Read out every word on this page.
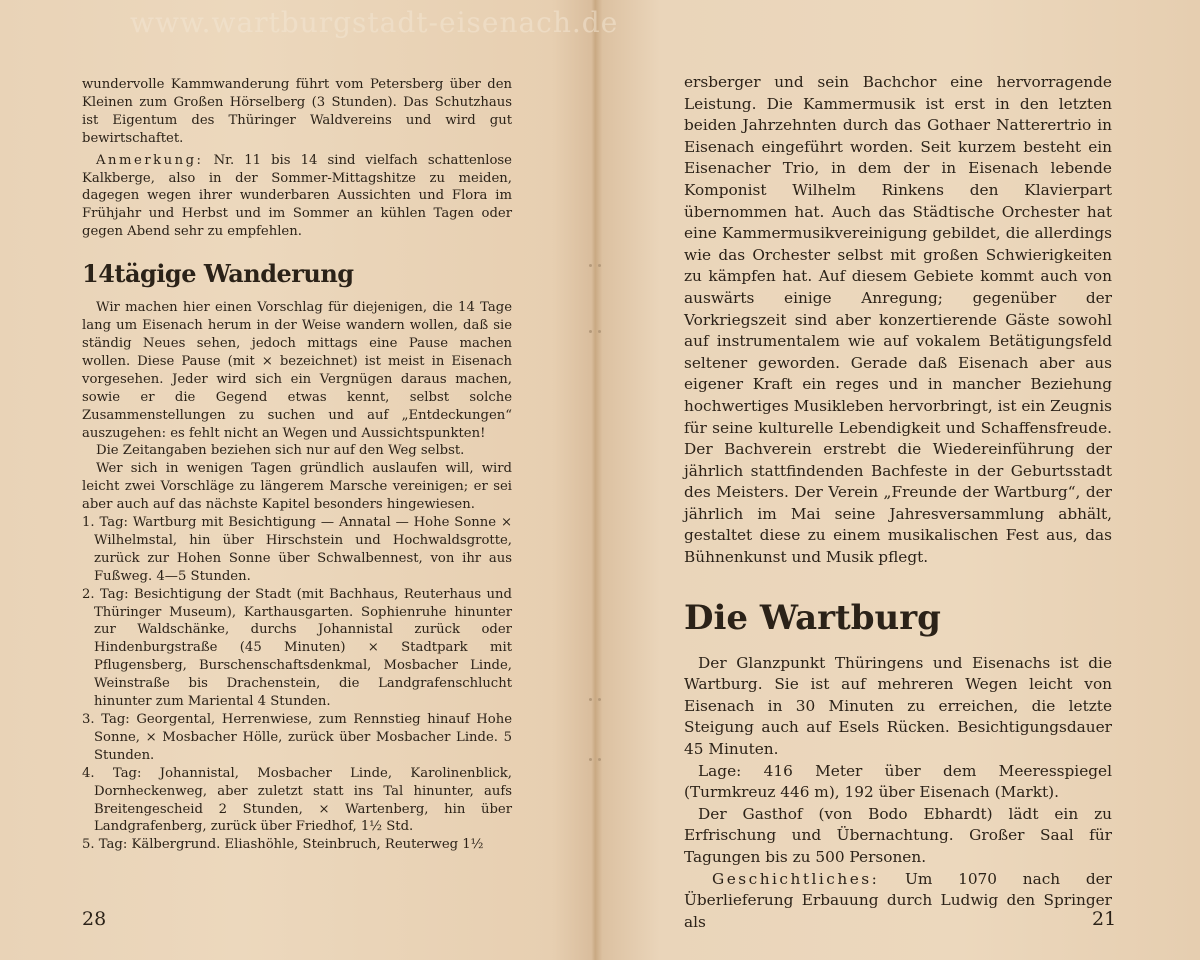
www.wartburgstadt-eisenach.de

wundervolle Kammwanderung führt vom Petersberg über den Kleinen zum Großen Hörselberg (3 Stunden). Das Schutzhaus ist Eigentum des Thüringer Waldvereins und wird gut bewirtschaftet.

Anmerkung: Nr. 11 bis 14 sind vielfach schattenlose Kalkberge, also in der Sommer-Mittagshitze zu meiden, dagegen wegen ihrer wunderbaren Aussichten und Flora im Frühjahr und Herbst und im Sommer an kühlen Tagen oder gegen Abend sehr zu empfehlen.

14tägige Wanderung

Wir machen hier einen Vorschlag für diejenigen, die 14 Tage lang um Eisenach herum in der Weise wandern wollen, daß sie ständig Neues sehen, jedoch mittags eine Pause machen wollen. Diese Pause (mit × bezeichnet) ist meist in Eisenach vorgesehen. Jeder wird sich ein Vergnügen daraus machen, sowie er die Gegend etwas kennt, selbst solche Zusammenstellungen zu suchen und auf „Entdeckungen“ auszugehen: es fehlt nicht an Wegen und Aussichtspunkten!

Die Zeitangaben beziehen sich nur auf den Weg selbst.

Wer sich in wenigen Tagen gründlich auslaufen will, wird leicht zwei Vorschläge zu längerem Marsche vereinigen; er sei aber auch auf das nächste Kapitel besonders hingewiesen.

1. Tag: Wartburg mit Besichtigung — Annatal — Hohe Sonne × Wilhelmstal, hin über Hirschstein und Hochwaldsgrotte, zurück zur Hohen Sonne über Schwalbennest, von ihr aus Fußweg. 4—5 Stunden.
2. Tag: Besichtigung der Stadt (mit Bachhaus, Reuterhaus und Thüringer Museum), Karthausgarten. Sophienruhe hinunter zur Waldschänke, durchs Johannistal zurück oder Hindenburgstraße (45 Minuten) × Stadtpark mit Pflugensberg, Burschenschaftsdenkmal, Mosbacher Linde, Weinstraße bis Drachenstein, die Landgrafenschlucht hinunter zum Mariental 4 Stunden.
3. Tag: Georgental, Herrenwiese, zum Rennstieg hinauf Hohe Sonne, × Mosbacher Hölle, zurück über Mosbacher Linde. 5 Stunden.
4. Tag: Johannistal, Mosbacher Linde, Karolinenblick, Dornheckenweg, aber zuletzt statt ins Tal hinunter, aufs Breitengescheid 2 Stunden, × Wartenberg, hin über Landgrafenberg, zurück über Friedhof, 1½ Std.
5. Tag: Kälbergrund. Eliashöhle, Steinbruch, Reuterweg 1½
28

ersberger und sein Bachchor eine hervorragende Leistung. Die Kammermusik ist erst in den letzten beiden Jahrzehnten durch das Gothaer Natterertrio in Eisenach eingeführt worden. Seit kurzem besteht ein Eisenacher Trio, in dem der in Eisenach lebende Komponist Wilhelm Rinkens den Klavierpart übernommen hat. Auch das Städtische Orchester hat eine Kammermusikvereinigung gebildet, die allerdings wie das Orchester selbst mit großen Schwierigkeiten zu kämpfen hat. Auf diesem Gebiete kommt auch von auswärts einige Anregung; gegenüber der Vorkriegszeit sind aber konzertierende Gäste sowohl auf instrumentalem wie auf vokalem Betätigungsfeld seltener geworden. Gerade daß Eisenach aber aus eigener Kraft ein reges und in mancher Beziehung hochwertiges Musikleben hervorbringt, ist ein Zeugnis für seine kulturelle Lebendigkeit und Schaffensfreude. Der Bachverein erstrebt die Wiedereinführung der jährlich stattfindenden Bachfeste in der Geburtsstadt des Meisters. Der Verein „Freunde der Wartburg“, der jährlich im Mai seine Jahresversammlung abhält, gestaltet diese zu einem musikalischen Fest aus, das Bühnenkunst und Musik pflegt.

Die Wartburg

Der Glanzpunkt Thüringens und Eisenachs ist die Wartburg. Sie ist auf mehreren Wegen leicht von Eisenach in 30 Minuten zu erreichen, die letzte Steigung auch auf Esels Rücken. Besichtigungsdauer 45 Minuten.

Lage: 416 Meter über dem Meeresspiegel (Turmkreuz 446 m), 192 über Eisenach (Markt).

Der Gasthof (von Bodo Ebhardt) lädt ein zu Erfrischung und Übernachtung. Großer Saal für Tagungen bis zu 500 Personen.

Geschichtliches: Um 1070 nach der Überlieferung Erbauung durch Ludwig den Springer als	21
